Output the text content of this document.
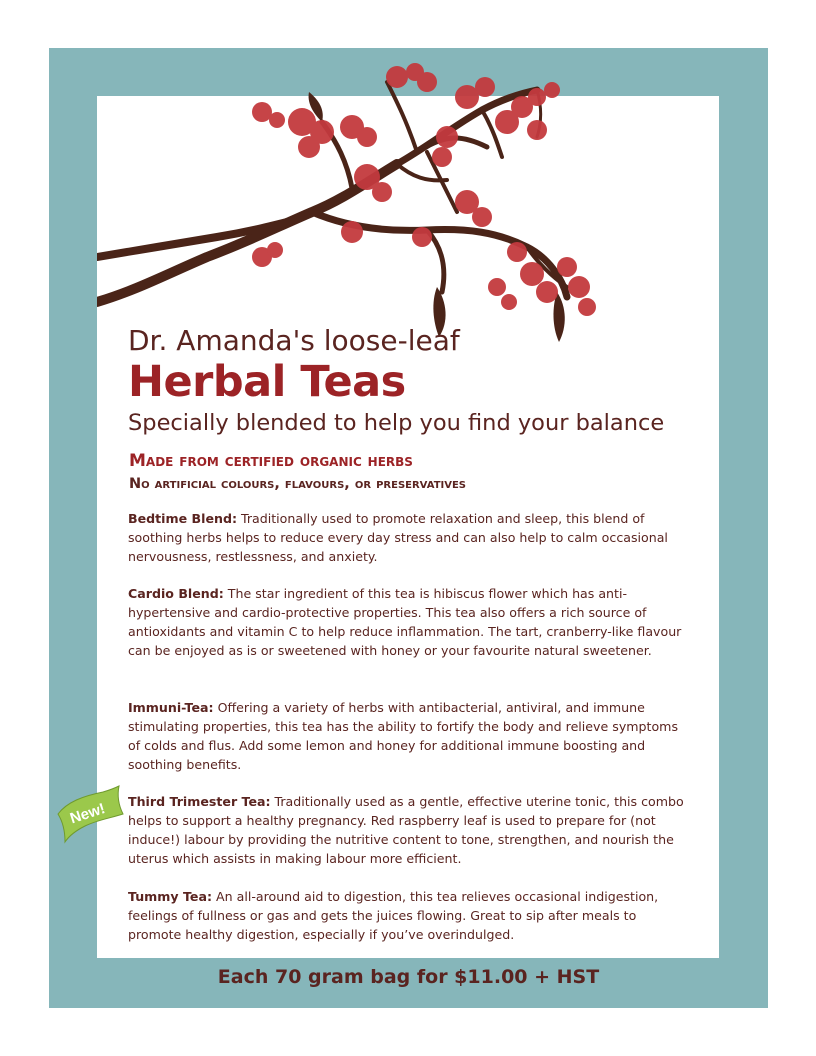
Dr. Amanda's loose-leaf
Herbal Teas

Specially blended to help you find your balance

Made from certified organic herbs

No artificial colours, flavours, or preservatives

Bedtime Blend: Traditionally used to promote relaxation and sleep, this blend of soothing herbs helps to reduce every day stress and can also help to calm occasional nervousness, restlessness, and anxiety.

Cardio Blend: The star ingredient of this tea is hibiscus flower which has anti-hypertensive and cardio-protective properties. This tea also offers a rich source of antioxidants and vitamin C to help reduce inflammation. The tart, cranberry-like flavour can be enjoyed as is or sweetened with honey or your favourite natural sweetener.

Immuni-Tea: Offering a variety of herbs with antibacterial, antiviral, and immune stimulating properties, this tea has the ability to fortify the body and relieve symptoms of colds and flus. Add some lemon and honey for additional immune boosting and soothing benefits.

Third Trimester Tea: Traditionally used as a gentle, effective uterine tonic, this combo helps to support a healthy pregnancy. Red raspberry leaf is used to prepare for (not induce!) labour by providing the nutritive content to tone, strengthen, and nourish the uterus which assists in making labour more efficient.

Tummy Tea: An all-around aid to digestion, this tea relieves occasional indigestion, feelings of fullness or gas and gets the juices flowing. Great to sip after meals to promote healthy digestion, especially if you’ve overindulged.

New!

Each 70 gram bag for $11.00 + HST
